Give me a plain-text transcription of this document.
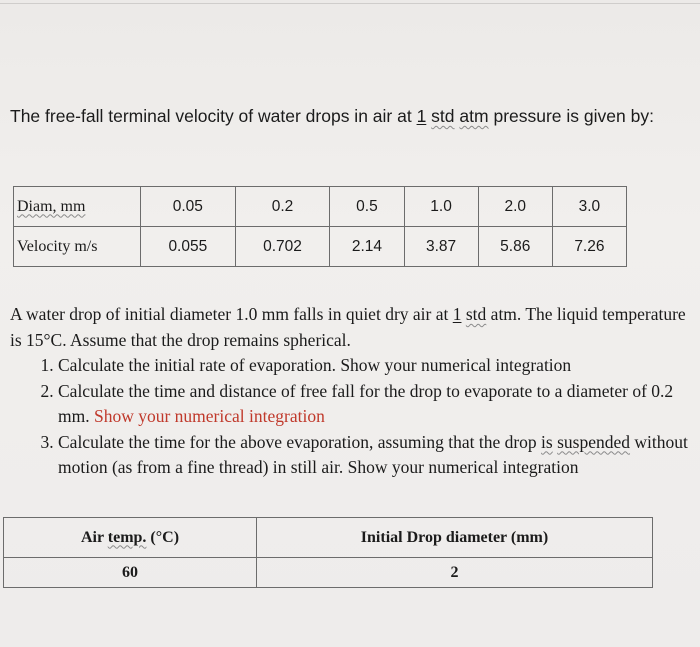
The free-fall terminal velocity of water drops in air at 1 std atm pressure is given by:
Diam, mm	0.05	0.2	0.5	1.0	2.0	3.0
Velocity m/s	0.055	0.702	2.14	3.87	5.86	7.26

A water drop of initial diameter 1.0 mm falls in quiet dry air at 1 std atm. The liquid temperature is 15°C. Assume that the drop remains spherical.

1. Calculate the initial rate of evaporation. Show your numerical integration
2. Calculate the time and distance of free fall for the drop to evaporate to a diameter of 0.2 mm. Show your numerical integration
3. Calculate the time for the above evaporation, assuming that the drop is suspended without motion (as from a fine thread) in still air. Show your numerical integration
Air temp. (°C)	Initial Drop diameter (mm)
60	2
